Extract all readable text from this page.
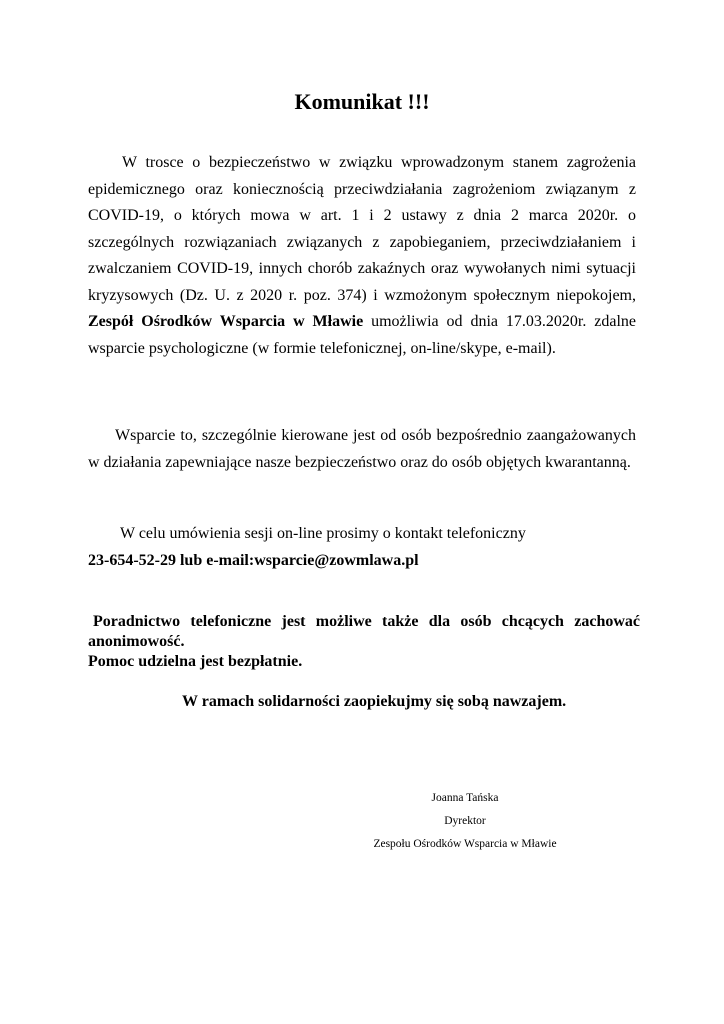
Komunikat !!!
W trosce o bezpieczeństwo w związku wprowadzonym stanem zagrożenia epidemicznego oraz koniecznością przeciwdziałania zagrożeniom związanym z COVID-19, o których mowa w art. 1 i 2 ustawy z dnia 2 marca 2020r. o szczególnych rozwiązaniach związanych z zapobieganiem, przeciwdziałaniem i zwalczaniem COVID-19, innych chorób zakaźnych oraz wywołanych nimi sytuacji kryzysowych (Dz. U. z 2020 r. poz. 374) i wzmożonym społecznym niepokojem, Zespół Ośrodków Wsparcia w Mławie umożliwia od dnia 17.03.2020r. zdalne wsparcie psychologiczne (w formie telefonicznej, on-line/skype, e-mail).
Wsparcie to, szczególnie kierowane jest od osób bezpośrednio zaangażowanych w działania zapewniające nasze bezpieczeństwo oraz do osób objętych kwarantanną.
W celu umówienia sesji on-line prosimy o kontakt telefoniczny
23-654-52-29 lub e-mail:wsparcie@zowmlawa.pl
Poradnictwo telefoniczne jest możliwe także dla osób chcących zachować
anonimowość.
Pomoc udzielna jest bezpłatnie.
W ramach solidarności zaopiekujmy się sobą nawzajem.
Joanna Tańska
Dyrektor
Zespołu Ośrodków Wsparcia w Mławie
